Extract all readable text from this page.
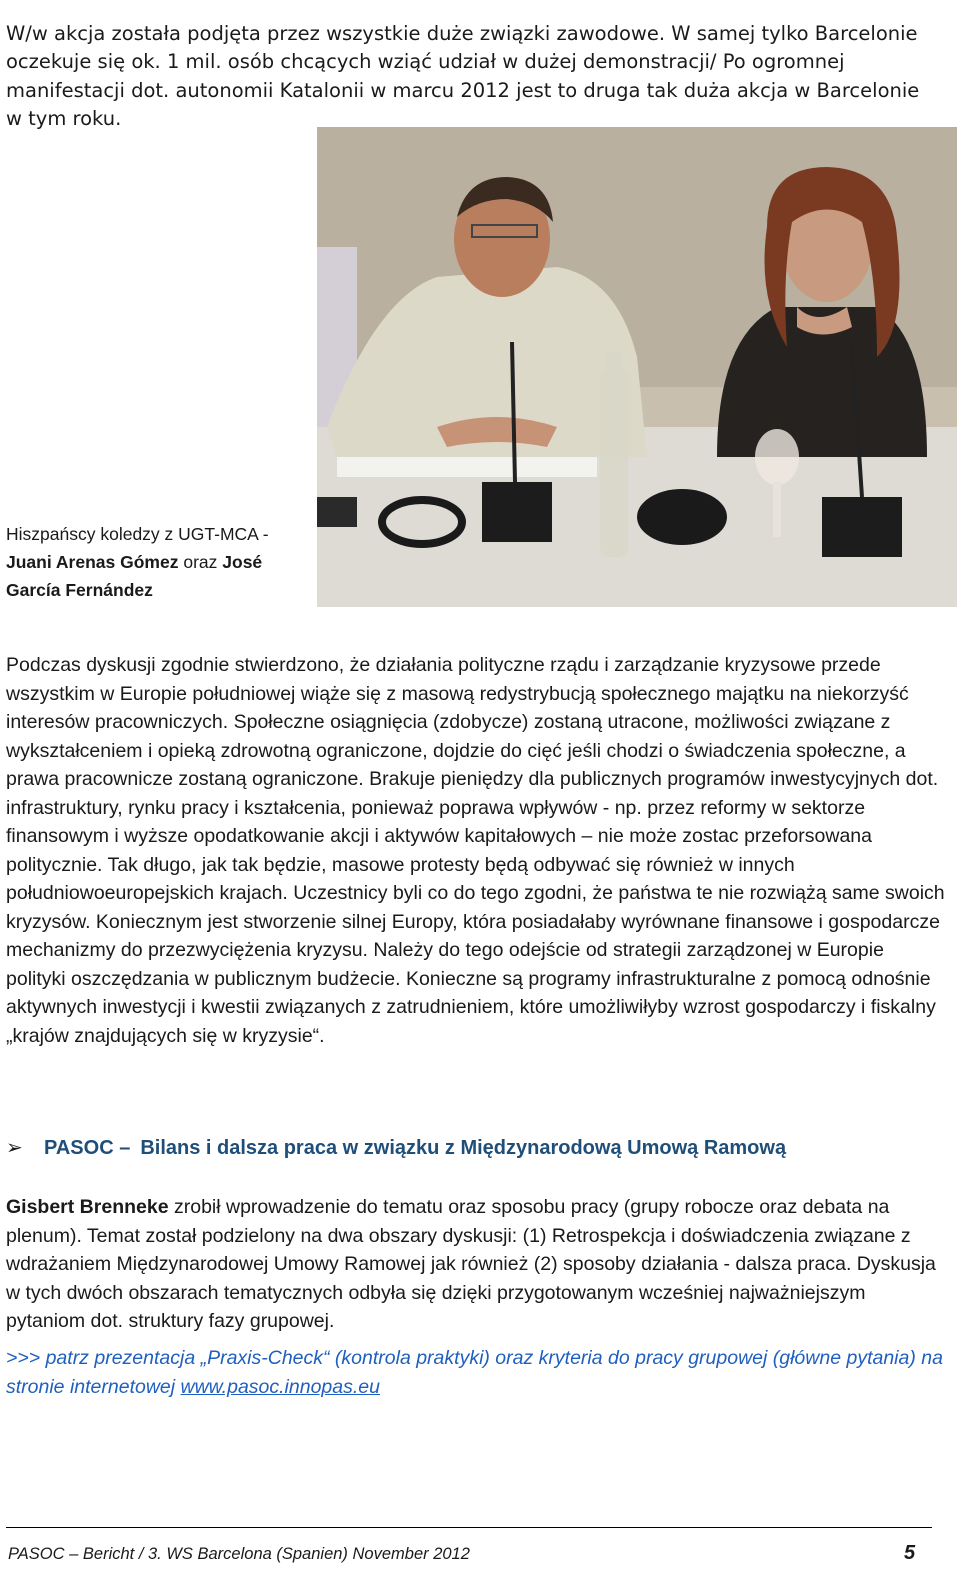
W/w akcja została podjęta przez wszystkie duże związki zawodowe. W samej tylko Barcelonie oczekuje się ok. 1 mil. osób chcących wziąć udział w dużej demonstracji/ Po ogromnej manifestacji dot. autonomii Katalonii w marcu 2012 jest to druga tak duża akcja w Barcelonie w tym roku.

Hiszpańscy koledzy z UGT-MCA -
Juani Arenas Gómez oraz José García Fernández

Podczas dyskusji zgodnie stwierdzono, że działania polityczne rządu i zarządzanie kryzysowe przede wszystkim w Europie południowej wiąże się z masową redystrybucją społecznego majątku na niekorzyść interesów pracowniczych. Społeczne osiągnięcia (zdobycze) zostaną utracone, możliwości związane z wykształceniem i opieką zdrowotną ograniczone, dojdzie do cięć jeśli chodzi o świadczenia społeczne, a prawa pracownicze zostaną ograniczone. Brakuje pieniędzy dla publicznych programów inwestycyjnych dot. infrastruktury, rynku pracy i kształcenia, ponieważ poprawa wpływów - np. przez reformy w sektorze finansowym i wyższe opodatkowanie akcji i aktywów kapitałowych – nie może zostac przeforsowana politycznie. Tak długo, jak tak będzie, masowe protesty będą odbywać się również w innych południowoeuropejskich krajach. Uczestnicy byli co do tego zgodni, że państwa te nie rozwiążą same swoich kryzysów. Koniecznym jest stworzenie silnej Europy, która posiadałaby wyrównane finansowe i gospodarcze mechanizmy do przezwyciężenia kryzysu. Należy do tego odejście od strategii zarządzonej w Europie polityki oszczędzania w publicznym budżecie. Konieczne są programy infrastrukturalne z pomocą odnośnie aktywnych inwestycji i kwestii związanych z zatrudnieniem, które umożliwiłyby wzrost gospodarczy i fiskalny „krajów znajdujących się w kryzysie“.

➢ PASOC – Bilans i dalsza praca w związku z Międzynarodową Umową Ramową

Gisbert Brenneke zrobił wprowadzenie do tematu oraz sposobu pracy (grupy robocze oraz debata na plenum). Temat został podzielony na dwa obszary dyskusji: (1) Retrospekcja i doświadczenia związane z wdrażaniem Międzynarodowej Umowy Ramowej jak również (2) sposoby działania - dalsza praca. Dyskusja w tych dwóch obszarach tematycznych odbyła się dzięki przygotowanym wcześniej najważniejszym pytaniom dot. struktury fazy grupowej.

>>> patrz prezentacja „Praxis-Check“ (kontrola praktyki) oraz kryteria do pracy grupowej (główne pytania) na stronie internetowej www.pasoc.innopas.eu

PASOC – Bericht / 3. WS Barcelona (Spanien) November 2012	5
